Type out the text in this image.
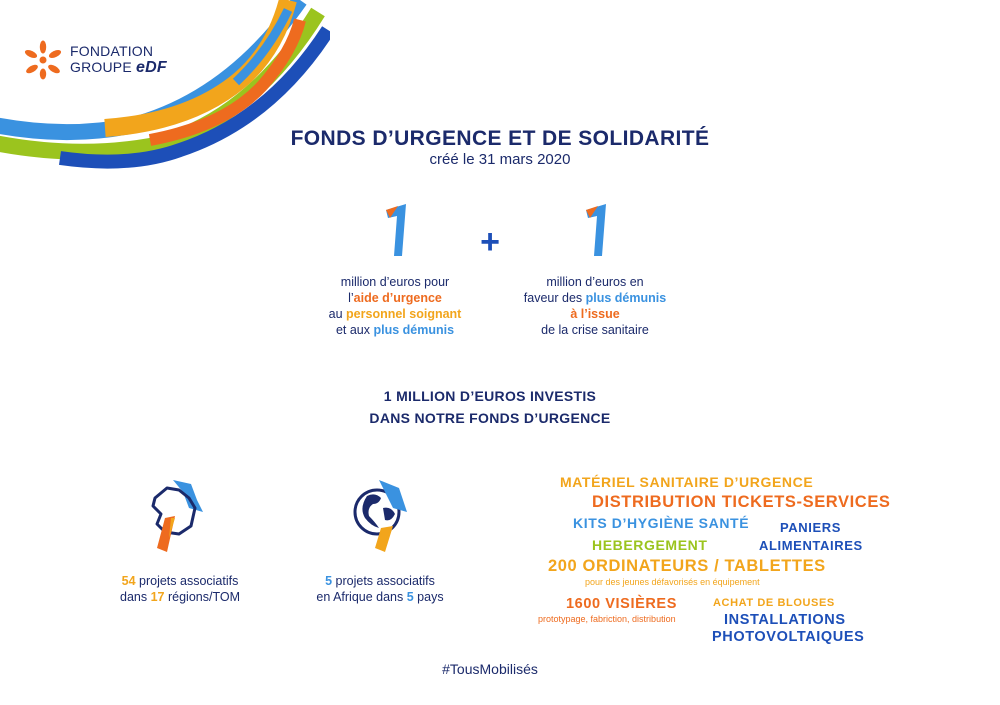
FONDATION
GROUPE eDF
FONDS D’URGENCE ET DE SOLIDARITÉ
créé le 31 mars 2020
+
million d’euros pour
l’aide d’urgence
au personnel soignant
et aux plus démunis
million d’euros en
faveur des plus démunis
à l’issue
de la crise sanitaire
1 MILLION D’EUROS INVESTIS
DANS NOTRE FONDS D’URGENCE
54 projets associatifs
dans 17 régions/TOM
5 projets associatifs
en Afrique dans 5 pays
MATÉRIEL SANITAIRE D’URGENCE
DISTRIBUTION TICKETS-SERVICES
KITS D’HYGIÈNE SANTÉ PANIERS
ALIMENTAIRES
HEBERGEMENT
200 ORDINATEURS / TABLETTES
pour des jeunes défavorisés en équipement
1600 VISIÈRES
prototypage, fabriction, distribution
ACHAT DE BLOUSES
INSTALLATIONS
PHOTOVOLTAIQUES
#TousMobilisés
